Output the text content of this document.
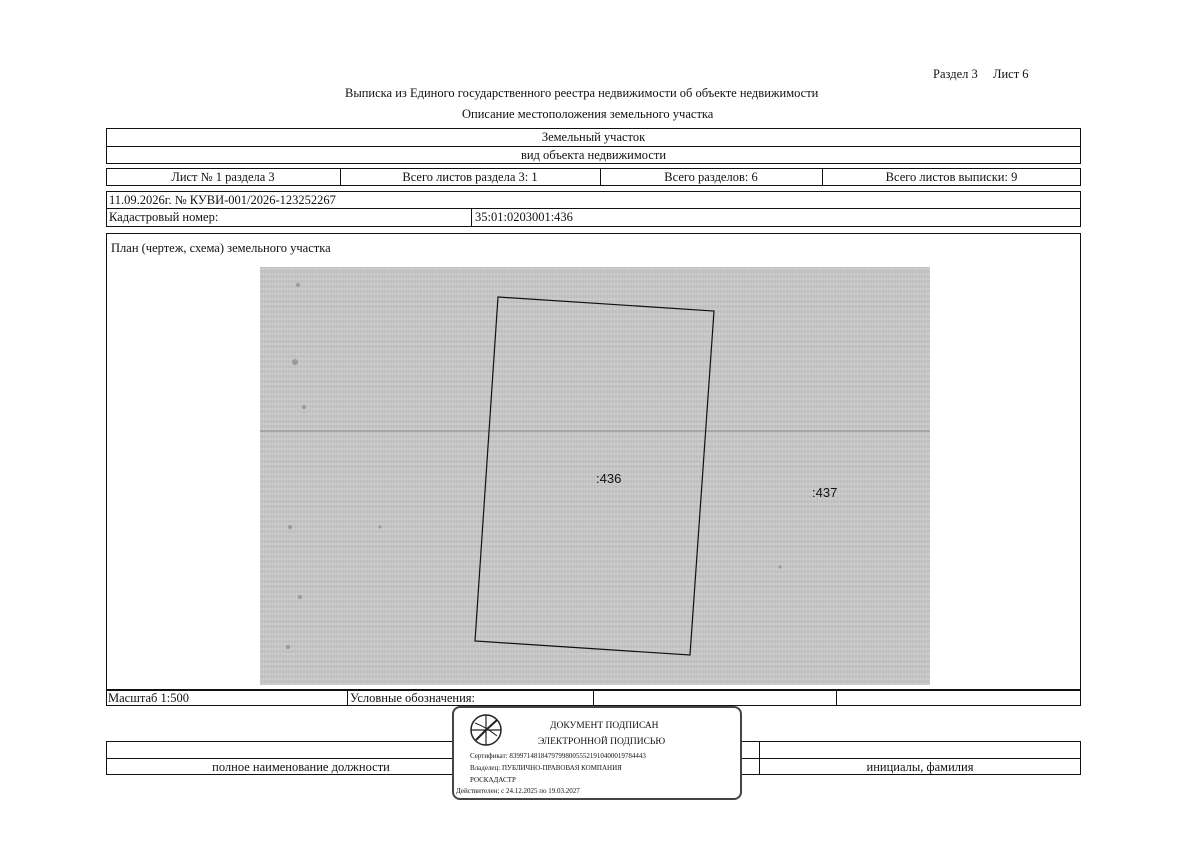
Раздел 3 Лист 6
Выписка из Единого государственного реестра недвижимости об объекте недвижимости
Описание местоположения земельного участка
Земельный участок
вид объекта недвижимости
Лист № 1 раздела 3	Всего листов раздела 3: 1	Всего разделов: 6	Всего листов выписки: 9
11.09.2026г. № КУВИ-001/2026-123252267
Кадастровый номер:	35:01:0203001:436
План (чертеж, схема) земельного участка
:436
:437
Масштаб 1:500	Условные обозначения:
полное наименование должности	инициалы, фамилия
ДОКУМЕНТ ПОДПИСАН
ЭЛЕКТРОННОЙ ПОДПИСЬЮ
Сертификат: 839971481847979980055521910400019784443
Владелец: ПУБЛИЧНО-ПРАВОВАЯ КОМПАНИЯ
РОСКАДАСТР
Действителен: с 24.12.2025 по 19.03.2027
